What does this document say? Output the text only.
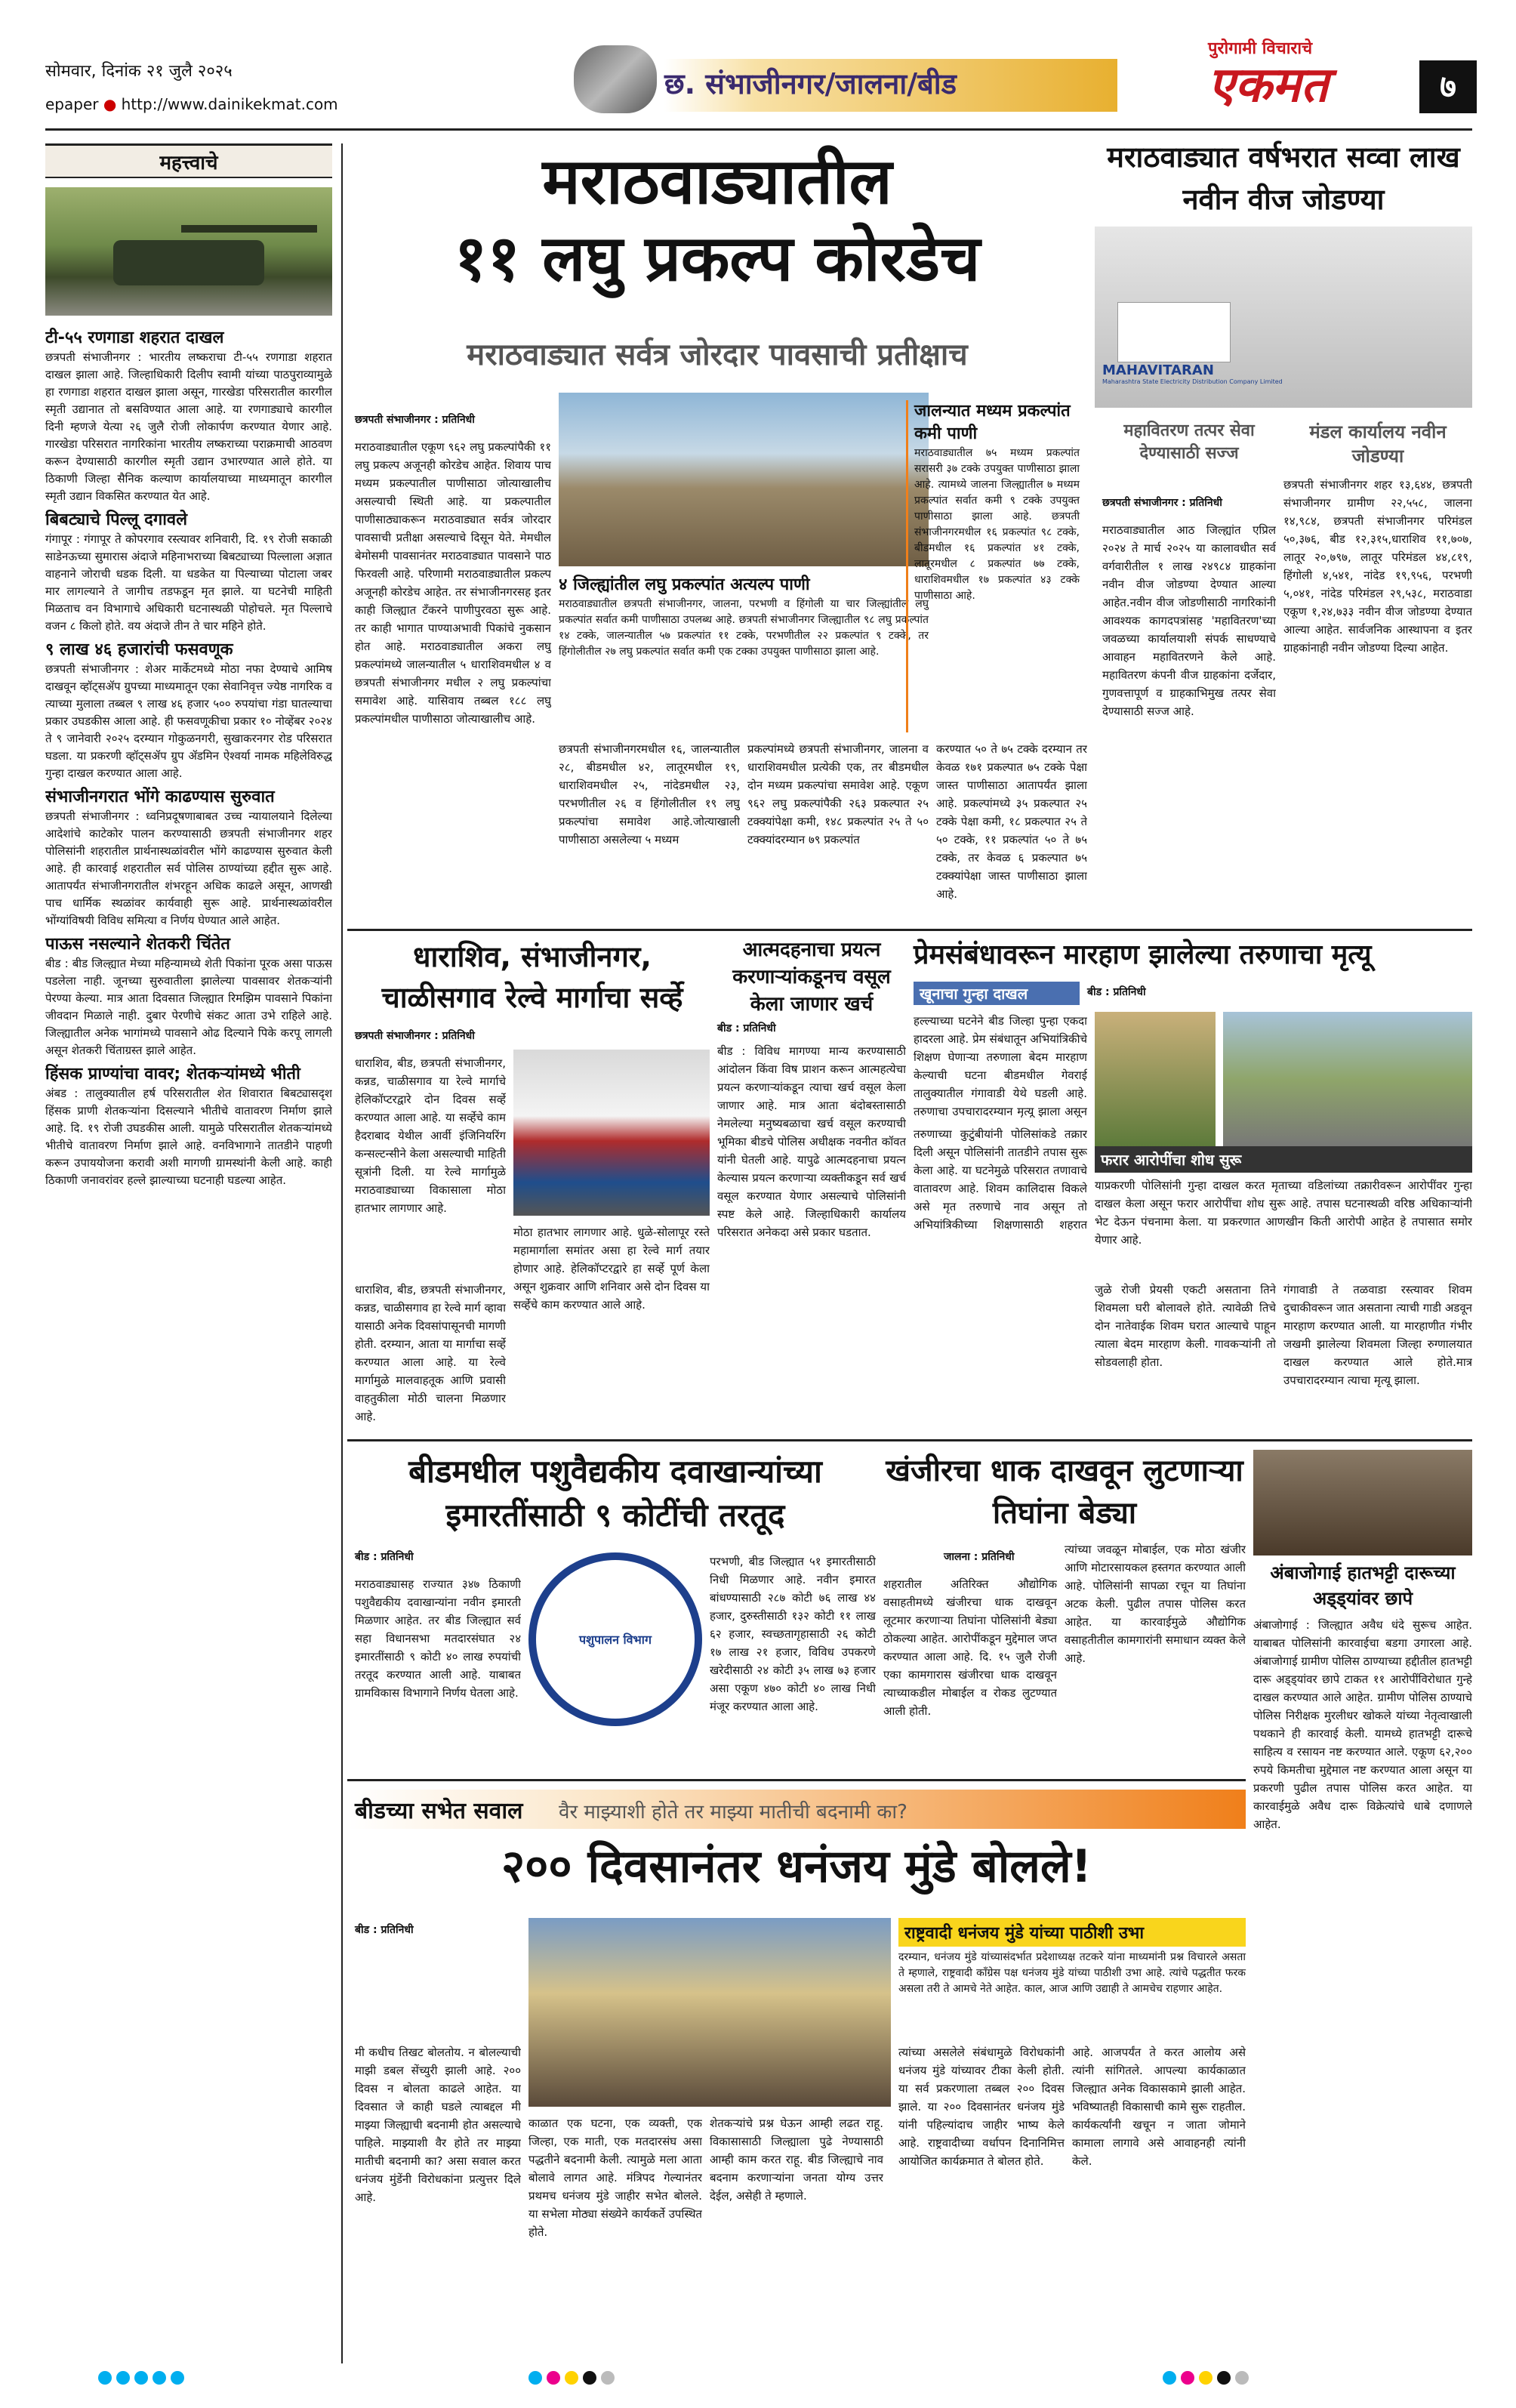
सोमवार, दिनांक २१ जुलै २०२५
epaper ● http://www.dainikekmat.com
छ. संभाजीनगर/जालना/बीड
पुरोगामी विचाराचे
एकमत	७
महत्त्वाचे
टी-५५ रणगाडा शहरात दाखल

छत्रपती संभाजीनगर : भारतीय लष्कराचा टी-५५ रणगाडा शहरात दाखल झाला आहे. जिल्हाधिकारी दिलीप स्वामी यांच्या पाठपुराव्यामुळे हा रणगाडा शहरात दाखल झाला असून, गारखेडा परिसरातील कारगील स्मृती उद्यानात तो बसविण्यात आला आहे. या रणगाड्याचे कारगील दिनी म्हणजे येत्या २६ जुलै रोजी लोकार्पण करण्यात येणार आहे. गारखेडा परिसरात नागरिकांना भारतीय लष्कराच्या पराक्रमाची आठवण करून देण्यासाठी कारगील स्मृती उद्यान उभारण्यात आले होते. या ठिकाणी जिल्हा सैनिक कल्याण कार्यालयाच्या माध्यमातून कारगील स्मृती उद्यान विकसित करण्यात येत आहे.

बिबट्याचे पिल्लू दगावले

गंगापूर : गंगापूर ते कोपरगाव रस्त्यावर शनिवारी, दि. १९ रोजी सकाळी साडेनऊच्या सुमारास अंदाजे महिनाभराच्या बिबट्याच्या पिल्लाला अज्ञात वाहनाने जोराची धडक दिली. या धडकेत या पिल्याच्या पोटाला जबर मार लागल्याने ते जागीच तडफडून मृत झाले. या घटनेची माहिती मिळताच वन विभागाचे अधिकारी घटनास्थळी पोहोचले. मृत पिल्लाचे वजन ८ किलो होते. वय अंदाजे तीन ते चार महिने होते.

९ लाख ४६ हजारांची फसवणूक

छत्रपती संभाजीनगर : शेअर मार्केटमध्ये मोठा नफा देण्याचे आमिष दाखवून व्हॉट्सॲप ग्रुपच्या माध्यमातून एका सेवानिवृत्त ज्येष्ठ नागरिक व त्याच्या मुलाला तब्बल ९ लाख ४६ हजार ५०० रुपयांचा गंडा घातल्याचा प्रकार उघडकीस आला आहे. ही फसवणूकीचा प्रकार १० नोव्हेंबर २०२४ ते ९ जानेवारी २०२५ दरम्यान गोकुळनगरी, सुखाकरनगर रोड परिसरात घडला. या प्रकरणी व्हॉट्सॲप ग्रुप ॲडमिन ऐश्वर्या नामक महिलेविरुद्ध गुन्हा दाखल करण्यात आला आहे.

संभाजीनगरात भोंगे काढण्यास सुरुवात

छत्रपती संभाजीनगर : ध्वनिप्रदूषणाबाबत उच्च न्यायालयाने दिलेल्या आदेशांचे काटेकोर पालन करण्यासाठी छत्रपती संभाजीनगर शहर पोलिसांनी शहरातील प्रार्थनास्थळांवरील भोंगे काढण्यास सुरुवात केली आहे. ही कारवाई शहरातील सर्व पोलिस ठाण्यांच्या हद्दीत सुरू आहे. आतापर्यंत संभाजीनगरातील शंभरहून अधिक काढले असून, आणखी पाच धार्मिक स्थळांवर कार्यवाही सुरू आहे. प्रार्थनास्थळांवरील भोंग्यांविषयी विविध समित्या व निर्णय घेण्यात आले आहेत.

पाऊस नसल्याने शेतकरी चिंतेत

बीड : बीड जिल्ह्यात मेच्या महिन्यामध्ये शेती पिकांना पूरक असा पाऊस पडलेला नाही. जूनच्या सुरुवातीला झालेल्या पावसावर शेतकऱ्यांनी पेरण्या केल्या. मात्र आता दिवसात जिल्ह्यात रिमझिम पावसाने पिकांना जीवदान मिळाले नाही. दुबार पेरणीचे संकट आता उभे राहिले आहे. जिल्ह्यातील अनेक भागांमध्ये पावसाने ओढ दिल्याने पिके करपू लागली असून शेतकरी चिंताग्रस्त झाले आहेत.

हिंसक प्राण्यांचा वावर; शेतकऱ्यांमध्ये भीती

अंबड : तालुक्यातील हर्ष परिसरातील शेत शिवारात बिबट्यासदृश हिंसक प्राणी शेतकऱ्यांना दिसल्याने भीतीचे वातावरण निर्माण झाले आहे. दि. १९ रोजी उघडकीस आली. यामुळे परिसरातील शेतकऱ्यांमध्ये भीतीचे वातावरण निर्माण झाले आहे. वनविभागाने तातडीने पाहणी करून उपाययोजना करावी अशी मागणी ग्रामस्थांनी केली आहे. काही ठिकाणी जनावरांवर हल्ले झाल्याच्या घटनाही घडल्या आहेत.

मराठवाड्यातील
११ लघु प्रकल्प कोरडेच
मराठवाड्यात सर्वत्र जोरदार पावसाची प्रतीक्षाच
छत्रपती संभाजीनगर : प्रतिनिधी
मराठवाड्यातील एकूण ९६२ लघु प्रकल्पांपैकी ११ लघु प्रकल्प अजूनही कोरडेच आहेत. शिवाय पाच मध्यम प्रकल्पातील पाणीसाठा जोत्याखालीच असल्याची स्थिती आहे. या प्रकल्पातील पाणीसाठ्याकरून मराठवाड्यात सर्वत्र जोरदार पावसाची प्रतीक्षा असल्याचे दिसून येते. मेमधील बेमोसमी पावसानंतर मराठवाड्यात पावसाने पाठ फिरवली आहे. परिणामी मराठवाड्यातील प्रकल्प अजूनही कोरडेच आहेत. तर संभाजीनगरसह इतर काही जिल्ह्यात टँकरने पाणीपुरवठा सुरू आहे. तर काही भागात पाण्याअभावी पिकांचे नुकसान होत आहे. मराठवाड्यातील अकरा लघु प्रकल्पांमध्ये जालन्यातील ५ धाराशिवमधील ४ व छत्रपती संभाजीनगर मधील २ लघु प्रकल्पांचा समावेश आहे. यासिवाय तब्बल १८८ लघु प्रकल्पांमधील पाणीसाठा जोत्याखालीच आहे.
४ जिल्ह्यांतील लघु प्रकल्पांत अत्यल्प पाणी
मराठवाड्यातील छत्रपती संभाजीनगर, जालना, परभणी व हिंगोली या चार जिल्ह्यांतील लघु प्रकल्पांत सर्वात कमी पाणीसाठा उपलब्ध आहे. छत्रपती संभाजीनगर जिल्ह्यातील ९८ लघु प्रकल्पांत १४ टक्के, जालन्यातील ५७ प्रकल्पांत ११ टक्के, परभणीतील २२ प्रकल्पांत ९ टक्के, तर हिंगोलीतील २७ लघु प्रकल्पांत सर्वात कमी एक टक्का उपयुक्त पाणीसाठा झाला आहे.
छत्रपती संभाजीनगरमधील १६, जालन्यातील २८, बीडमधील ४२, लातूरमधील १९, धाराशिवमधील २५, नांदेडमधील २३, परभणीतील २६ व हिंगोलीतील १९ लघु प्रकल्पांचा समावेश आहे.जोत्याखाली पाणीसाठा असलेल्या ५ मध्यम
प्रकल्पांमध्ये छत्रपती संभाजीनगर, जालना व धाराशिवमधील प्रत्येकी एक, तर बीडमधील दोन मध्यम प्रकल्पांचा समावेश आहे. एकूण ९६२ लघु प्रकल्पांपैकी २६३ प्रकल्पात २५ टक्क्यांपेक्षा कमी, १४८ प्रकल्पांत २५ ते ५० टक्क्यांदरम्यान ७९ प्रकल्पांत
जालन्यात मध्यम प्रकल्पांत कमी पाणी
मराठवाड्यातील ७५ मध्यम प्रकल्पांत सरासरी ३७ टक्के उपयुक्त पाणीसाठा झाला आहे. त्यामध्ये जालना जिल्ह्यातील ७ मध्यम प्रकल्पांत सर्वात कमी ९ टक्के उपयुक्त पाणीसाठा झाला आहे. छत्रपती संभाजीनगरमधील १६ प्रकल्पांत ९८ टक्के, बीडमधील १६ प्रकल्पांत ४१ टक्के, लातूरमधील ८ प्रकल्पांत ७७ टक्के, धाराशिवमधील १७ प्रकल्पांत ४३ टक्के पाणीसाठा आहे.
करण्यात ५० ते ७५ टक्के दरम्यान तर केवळ १७१ प्रकल्पात ७५ टक्के पेक्षा जास्त पाणीसाठा आतापर्यंत झाला आहे. प्रकल्पांमध्ये ३५ प्रकल्पात २५ टक्के पेक्षा कमी, १८ प्रकल्पात २५ ते ५० टक्के, ११ प्रकल्पांत ५० ते ७५ टक्के, तर केवळ ६ प्रकल्पात ७५ टक्क्यांपेक्षा जास्त पाणीसाठा झाला आहे.
मराठवाड्यात वर्षभरात सव्वा लाख नवीन वीज जोडण्या
MAHAVITARAN
Maharashtra State Electricity Distribution Company Limited
महावितरण तत्पर सेवा देण्यासाठी सज्ज
मंडल कार्यालय नवीन जोडण्या
छत्रपती संभाजीनगर : प्रतिनिधी
मराठवाड्यातील आठ जिल्ह्यांत एप्रिल २०२४ ते मार्च २०२५ या कालावधीत सर्व वर्गवारीतील १ लाख २४९८४ ग्राहकांना नवीन वीज जोडण्या देण्यात आल्या आहेत.नवीन वीज जोडणीसाठी नागरिकांनी आवश्यक कागदपत्रांसह 'महावितरण'च्या जवळच्या कार्यालयाशी संपर्क साधण्याचे आवाहन महावितरणने केले आहे. महावितरण कंपनी वीज ग्राहकांना दर्जेदार, गुणवत्तापूर्ण व ग्राहकाभिमुख तत्पर सेवा देण्यासाठी सज्ज आहे.
छत्रपती संभाजीनगर शहर १३,६४४, छत्रपती संभाजीनगर ग्रामीण २२,५५८, जालना १४,९८४, छत्रपती संभाजीनगर परिमंडल ५०,३७६, बीड १२,३१५,धाराशिव ११,७०७, लातूर २०,७९७, लातूर परिमंडल ४४,८१९, हिंगोली ४,५४१, नांदेड १९,९५६, परभणी ५,०४१, नांदेड परिमंडल २९,५३८, मराठवाडा एकूण १,२४,७३३ नवीन वीज जोडण्या देण्यात आल्या आहेत. सार्वजनिक आस्थापना व इतर ग्राहकांनाही नवीन जोडण्या दिल्या आहेत.
धाराशिव, संभाजीनगर, चाळीसगाव रेल्वे मार्गाचा सर्व्हे
छत्रपती संभाजीनगर : प्रतिनिधी
धाराशिव, बीड, छत्रपती संभाजीनगर, कन्नड, चाळीसगाव या रेल्वे मार्गाचे हेलिकॉप्टरद्वारे दोन दिवस सर्व्हे करण्यात आला आहे. या सर्व्हेचे काम हैदराबाद येथील आर्वी इंजिनियरिंग कन्सल्टन्सीने केला असल्याची माहिती सूत्रांनी दिली. या रेल्वे मार्गामुळे मराठवाड्याच्या विकासाला मोठा हातभार लागणार आहे.
मोठा हातभार लागणार आहे. धुळे-सोलापूर रस्ते महामार्गाला समांतर असा हा रेल्वे मार्ग तयार होणार आहे. हेलिकॉप्टरद्वारे हा सर्व्हे पूर्ण केला असून शुक्रवार आणि शनिवार असे दोन दिवस या सर्व्हेचे काम करण्यात आले आहे.
धाराशिव, बीड, छत्रपती संभाजीनगर, कन्नड, चाळीसगाव हा रेल्वे मार्ग व्हावा यासाठी अनेक दिवसांपासूनची मागणी होती. दरम्यान, आता या मार्गाचा सर्व्हे करण्यात आला आहे. या रेल्वे मार्गामुळे मालवाहतूक आणि प्रवासी वाहतुकीला मोठी चालना मिळणार आहे.
आत्मदहनाचा प्रयत्न करणाऱ्यांकडूनच वसूल केला जाणार खर्च
बीड : प्रतिनिधी
बीड : विविध मागण्या मान्य करण्यासाठी आंदोलन किंवा विष प्राशन करून आत्महत्येचा प्रयत्न करणाऱ्यांकडून त्याचा खर्च वसूल केला जाणार आहे. मात्र आता बंदोबस्तासाठी नेमलेल्या मनुष्यबळाचा खर्च वसूल करण्याची भूमिका बीडचे पोलिस अधीक्षक नवनीत कॉवत यांनी घेतली आहे. यापुढे आत्मदहनाचा प्रयत्न केल्यास प्रयत्न करणाऱ्या व्यक्तीकडून सर्व खर्च वसूल करण्यात येणार असल्याचे पोलिसांनी स्पष्ट केले आहे. जिल्हाधिकारी कार्यालय परिसरात अनेकदा असे प्रकार घडतात.
प्रेमसंबंधावरून मारहाण झालेल्या तरुणाचा मृत्यू
खूनाचा गुन्हा दाखल	बीड : प्रतिनिधी
हल्ल्याच्या घटनेने बीड जिल्हा पुन्हा एकदा हादरला आहे. प्रेम संबंधातून अभियांत्रिकीचे शिक्षण घेणाऱ्या तरुणाला बेदम मारहाण केल्याची घटना बीडमधील गेवराई तालुक्यातील गंगावाडी येथे घडली आहे. तरुणाचा उपचारादरम्यान मृत्यू झाला असून
फरार आरोपींचा शोध सुरू
तरुणाच्या कुटुंबीयांनी पोलिसांकडे तक्रार दिली असून पोलिसांनी तातडीने तपास सुरू केला आहे. या घटनेमुळे परिसरात तणावाचे वातावरण आहे. शिवम कालिदास विकले असे मृत तरुणाचे नाव असून तो अभियांत्रिकीच्या शिक्षणासाठी शहरात
याप्रकरणी पोलिसांनी गुन्हा दाखल करत मृताच्या वडिलांच्या तक्रारीवरून आरोपींवर गुन्हा दाखल केला असून फरार आरोपींचा शोध सुरू आहे. तपास घटनास्थळी वरिष्ठ अधिकाऱ्यांनी भेट देऊन पंचनामा केला. या प्रकरणात आणखीन किती आरोपी आहेत हे तपासात समोर येणार आहे.
जुळे रोजी प्रेयसी एकटी असताना तिने शिवमला घरी बोलावले होते. त्यावेळी तिचे दोन नातेवाईक शिवम घरात आल्याचे पाहून त्याला बेदम मारहाण केली. गावकऱ्यांनी तो सोडवलाही होता.
गंगावाडी ते तळवाडा रस्त्यावर शिवम दुचाकीवरून जात असताना त्याची गाडी अडवून मारहाण करण्यात आली. या मारहाणीत गंभीर जखमी झालेल्या शिवमला जिल्हा रुग्णालयात दाखल करण्यात आले होते.मात्र उपचारादरम्यान त्याचा मृत्यू झाला.
बीडमधील पशुवैद्यकीय दवाखान्यांच्या इमारतींसाठी ९ कोटींची तरतूद
बीड : प्रतिनिधी
मराठवाड्यासह राज्यात ३४७ ठिकाणी पशुवैद्यकीय दवाखान्यांना नवीन इमारती मिळणार आहेत. तर बीड जिल्ह्यात सर्व सहा विधानसभा मतदारसंघात २४ इमारतींसाठी ९ कोटी ४० लाख रुपयांची तरतूद करण्यात आली आहे. याबाबत ग्रामविकास विभागाने निर्णय घेतला आहे.
पशुपालन विभाग
परभणी, बीड जिल्ह्यात ५१ इमारतीसाठी निधी मिळणार आहे. नवीन इमारत बांधण्यासाठी २८७ कोटी ७६ लाख ४४ हजार, दुरुस्तीसाठी १३२ कोटी ११ लाख ६२ हजार, स्वच्छतागृहासाठी २६ कोटी १७ लाख २१ हजार, विविध उपकरणे खरेदीसाठी २४ कोटी ३५ लाख ७३ हजार असा एकूण ४७० कोटी ४० लाख निधी मंजूर करण्यात आला आहे.
खंजीरचा धाक दाखवून लुटणाऱ्या तिघांना बेड्या
जालना : प्रतिनिधी
शहरातील अतिरिक्त औद्योगिक वसाहतीमध्ये खंजीरचा धाक दाखवून लूटमार करणाऱ्या तिघांना पोलिसांनी बेड्या ठोकल्या आहेत. आरोपींकडून मुद्देमाल जप्त करण्यात आला आहे. दि. १५ जुलै रोजी एका कामगारास खंजीरचा धाक दाखवून त्याच्याकडील मोबाईल व रोकड लुटण्यात आली होती.
त्यांच्या जवळून मोबाईल, एक मोठा खंजीर आणि मोटारसायकल हस्तगत करण्यात आली आहे. पोलिसांनी सापळा रचून या तिघांना अटक केली. पुढील तपास पोलिस करत आहेत. या कारवाईमुळे औद्योगिक वसाहतीतील कामगारांनी समाधान व्यक्त केले आहे.
अंबाजोगाई हातभट्टी दारूच्या अड्ड्यांवर छापे
अंबाजोगाई : जिल्ह्यात अवैध धंदे सुरूच आहेत. याबाबत पोलिसांनी कारवाईचा बडगा उगारला आहे. अंबाजोगाई ग्रामीण पोलिस ठाण्याच्या हद्दीतील हातभट्टी दारू अड्ड्यांवर छापे टाकत ११ आरोपींविरोधात गुन्हे दाखल करण्यात आले आहेत. ग्रामीण पोलिस ठाण्याचे पोलिस निरीक्षक मुरलीधर खोकले यांच्या नेतृत्वाखाली पथकाने ही कारवाई केली. यामध्ये हातभट्टी दारूचे साहित्य व रसायन नष्ट करण्यात आले. एकूण ६२,२०० रुपये किमतीचा मुद्देमाल नष्ट करण्यात आला असून या प्रकरणी पुढील तपास पोलिस करत आहेत. या कारवाईमुळे अवैध दारू विक्रेत्यांचे धाबे दणाणले आहेत.
बीडच्या सभेत सवाल	वैर माझ्याशी होते तर माझ्या मातीची बदनामी का?
२०० दिवसानंतर धनंजय मुंडे बोलले!
बीड : प्रतिनिधी
मी कधीच तिखट बोलतोय. न बोलल्याची माझी डबल सेंच्युरी झाली आहे. २०० दिवस न बोलता काढले आहेत. या दिवसात जे काही घडले त्याबद्दल मी माझ्या जिल्ह्याची बदनामी होत असल्याचे पाहिले. माझ्याशी वैर होते तर माझ्या मातीची बदनामी का? असा सवाल करत धनंजय मुंडेंनी विरोधकांना प्रत्युत्तर दिले आहे.
काळात एक घटना, एक व्यक्ती, एक जिल्हा, एक माती, एक मतदारसंघ असा पद्धतीने बदनामी केली. त्यामुळे मला आता बोलावे लागत आहे. मंत्रिपद गेल्यानंतर प्रथमच धनंजय मुंडे जाहीर सभेत बोलले. या सभेला मोठ्या संख्येने कार्यकर्ते उपस्थित होते.
शेतकऱ्यांचे प्रश्न घेऊन आम्ही लढत राहू. विकासासाठी जिल्ह्याला पुढे नेण्यासाठी आम्ही काम करत राहू. बीड जिल्ह्याचे नाव बदनाम करणाऱ्यांना जनता योग्य उत्तर देईल, असेही ते म्हणाले.
राष्ट्रवादी धनंजय मुंडे यांच्या पाठीशी उभा
दरम्यान, धनंजय मुंडे यांच्यासंदर्भात प्रदेशाध्यक्ष तटकरे यांना माध्यमांनी प्रश्न विचारले असता ते म्हणाले, राष्ट्रवादी कॉंग्रेस पक्ष धनंजय मुंडे यांच्या पाठीशी उभा आहे. त्यांचे पद्धतीत फरक असला तरी ते आमचे नेते आहेत. काल, आज आणि उद्याही ते आमचेच राहणार आहेत.
त्यांच्या असलेले संबंधामुळे विरोधकांनी धनंजय मुंडे यांच्यावर टीका केली होती. या सर्व प्रकरणाला तब्बल २०० दिवस झाले. या २०० दिवसानंतर धनंजय मुंडे यांनी पहिल्यांदाच जाहीर भाष्य केले आहे. राष्ट्रवादीच्या वर्धापन दिनानिमित्त आयोजित कार्यक्रमात ते बोलत होते.
आहे. आजपर्यंत ते करत आलोय असे त्यांनी सांगितले. आपल्या कार्यकाळात जिल्ह्यात अनेक विकासकामे झाली आहेत. भविष्यातही विकासाची कामे सुरू राहतील. कार्यकर्त्यांनी खचून न जाता जोमाने कामाला लागावे असे आवाहनही त्यांनी केले.
